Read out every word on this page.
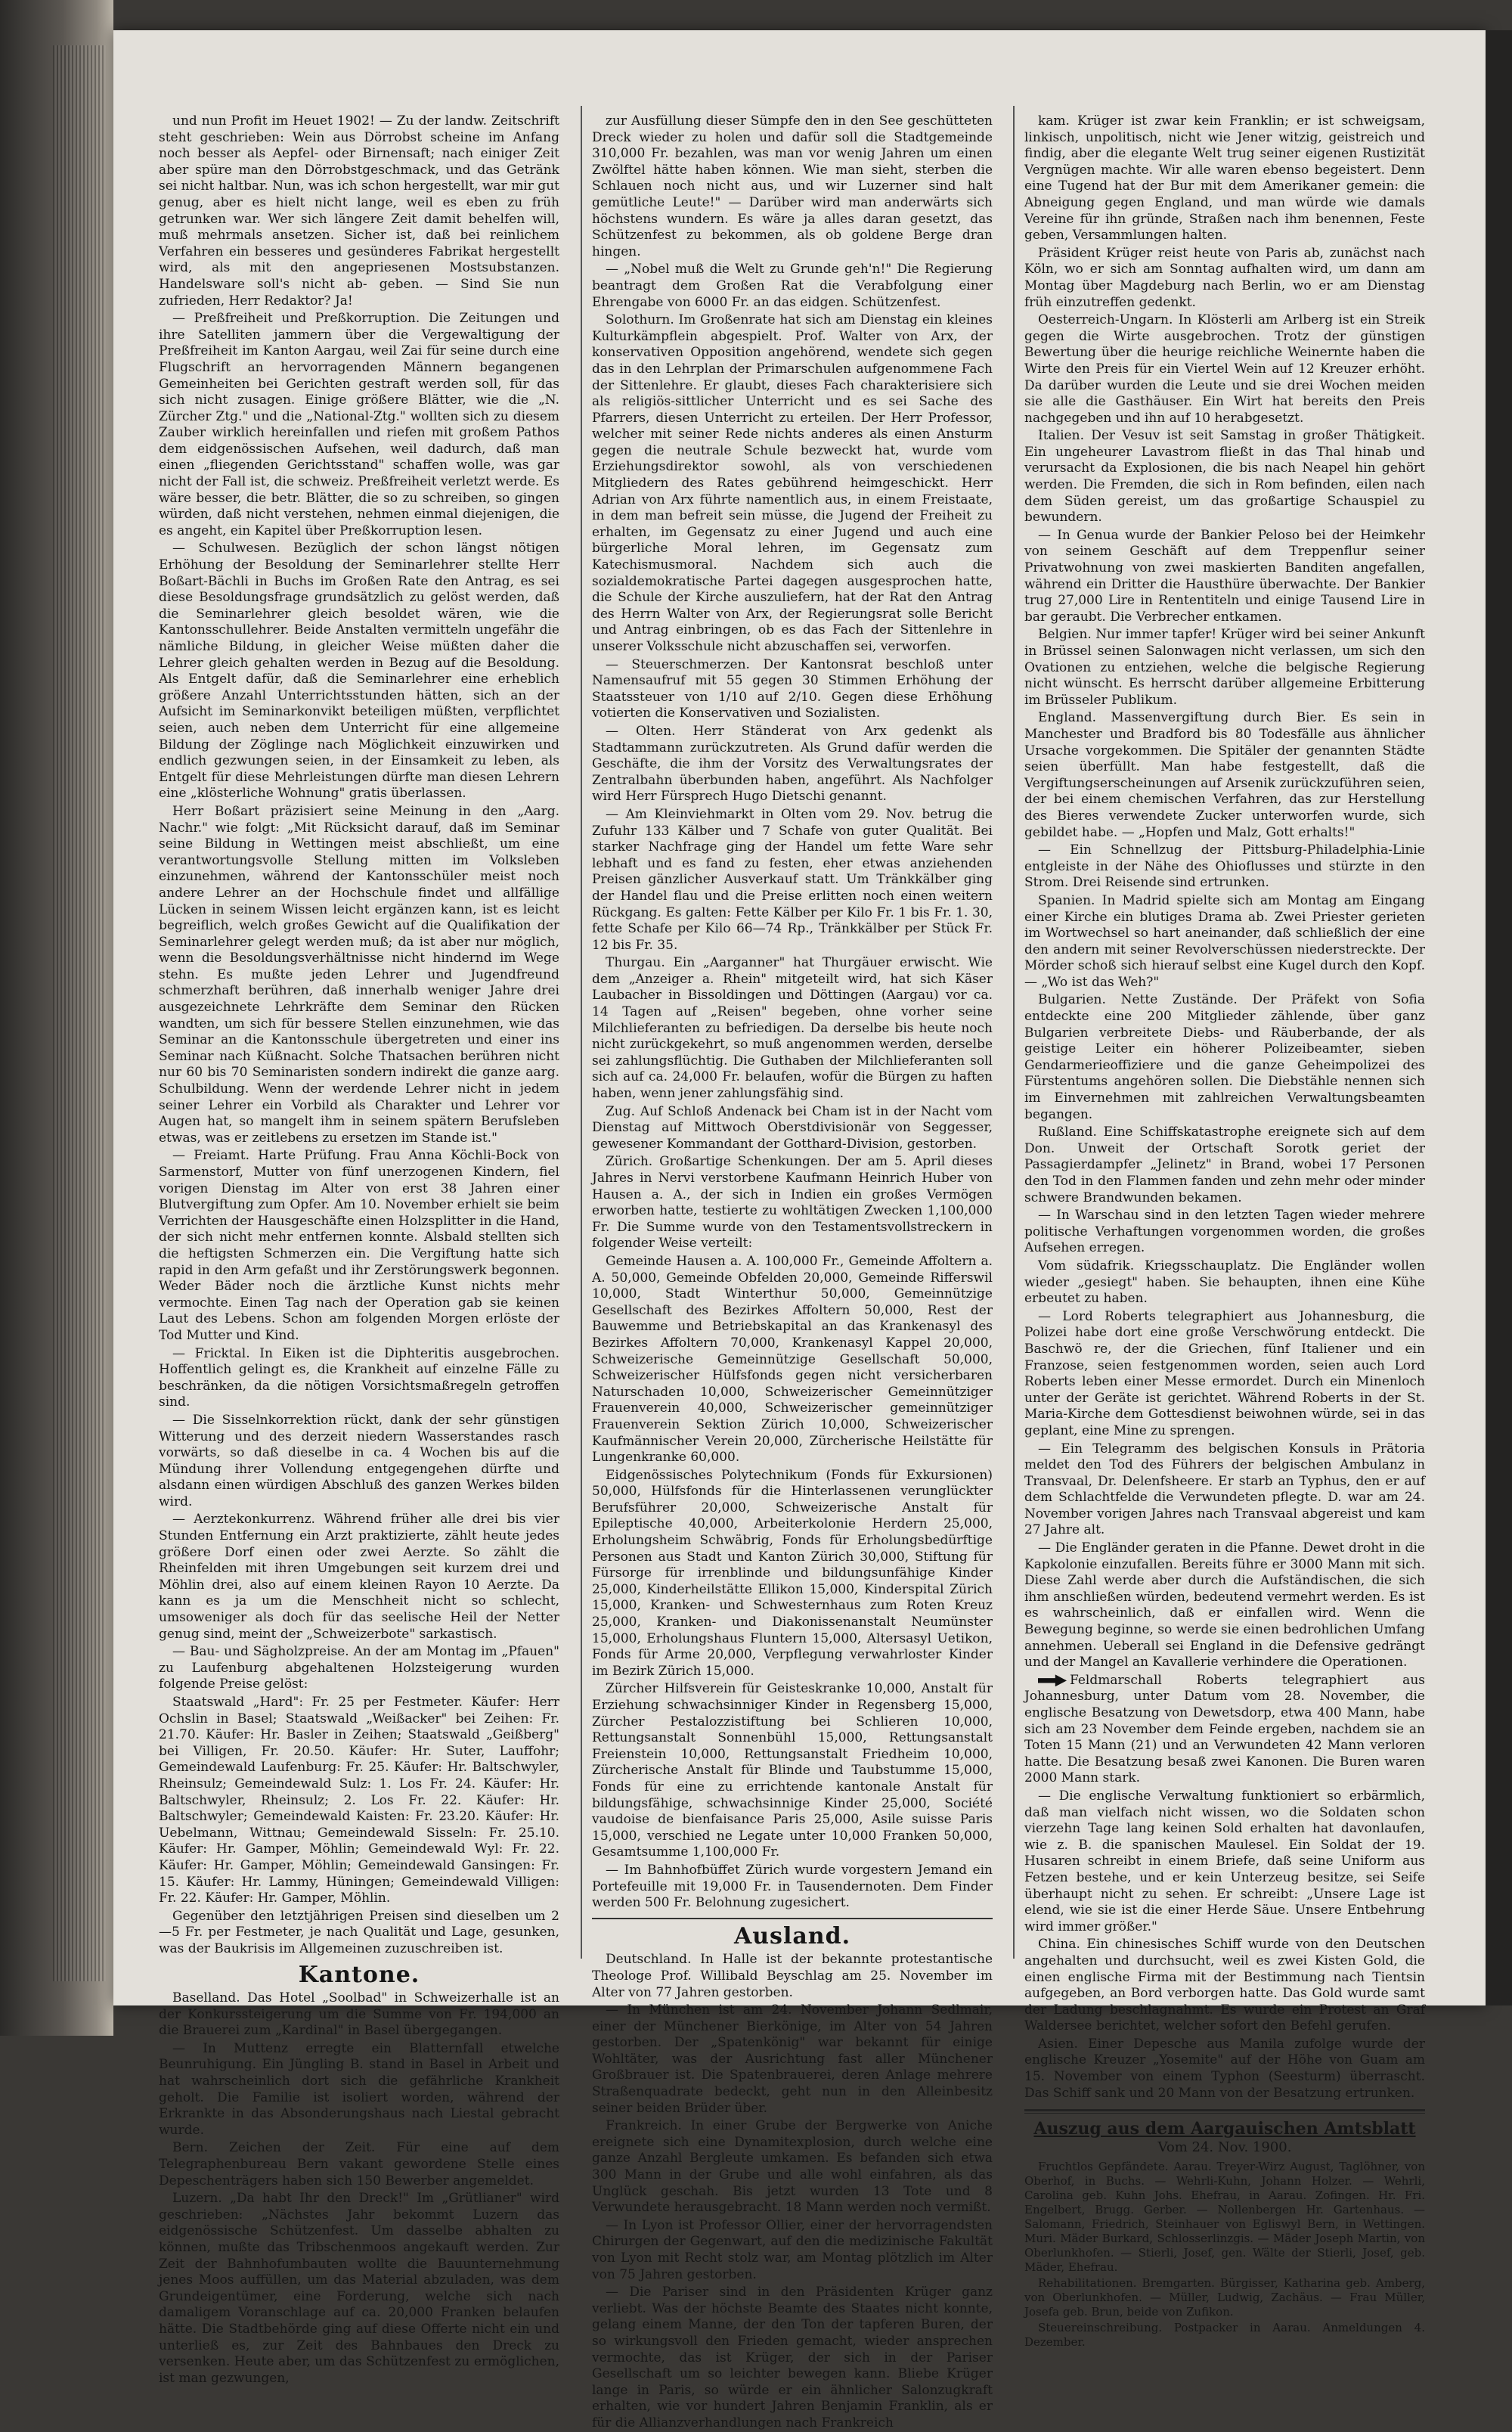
und nun Profit im Heuet 1902! — Zu der landw. Zeitschrift steht geschrieben: Wein aus Dörrobst scheine im Anfang noch besser als Aepfel- oder Birnensaft; nach einiger Zeit aber spüre man den Dörrobstgeschmack, und das Getränk sei nicht haltbar. Nun, was ich schon hergestellt, war mir gut genug, aber es hielt nicht lange, weil es eben zu früh getrunken war. Wer sich längere Zeit damit behelfen will, muß mehrmals ansetzen. Sicher ist, daß bei reinlichem Verfahren ein besseres und gesünderes Fabrikat hergestellt wird, als mit den angepriesenen Mostsubstanzen. Handelsware soll's nicht ab- geben. — Sind Sie nun zufrieden, Herr Redaktor? Ja!

— Preßfreiheit und Preßkorruption. Die Zeitungen und ihre Satelliten jammern über die Vergewaltigung der Preßfreiheit im Kanton Aargau, weil Zai für seine durch eine Flugschrift an hervorragenden Männern begangenen Gemeinheiten bei Gerichten gestraft werden soll, für das sich nicht zusagen. Einige größere Blätter, wie die „N. Zürcher Ztg." und die „National-Ztg." wollten sich zu diesem Zauber wirklich hereinfallen und riefen mit großem Pathos dem eidgenössischen Aufsehen, weil dadurch, daß man einen „fliegenden Gerichtsstand" schaffen wolle, was gar nicht der Fall ist, die schweiz. Preßfreiheit verletzt werde. Es wäre besser, die betr. Blätter, die so zu schreiben, so gingen würden, daß nicht verstehen, nehmen einmal diejenigen, die es angeht, ein Kapitel über Preßkorruption lesen.

— Schulwesen. Bezüglich der schon längst nötigen Erhöhung der Besoldung der Seminarlehrer stellte Herr Boßart-Bächli in Buchs im Großen Rate den Antrag, es sei diese Besoldungsfrage grundsätzlich zu gelöst werden, daß die Seminarlehrer gleich besoldet wären, wie die Kantonsschullehrer. Beide Anstalten vermitteln ungefähr die nämliche Bildung, in gleicher Weise müßten daher die Lehrer gleich gehalten werden in Bezug auf die Besoldung. Als Entgelt dafür, daß die Seminarlehrer eine erheblich größere Anzahl Unterrichtsstunden hätten, sich an der Aufsicht im Seminarkonvikt beteiligen müßten, verpflichtet seien, auch neben dem Unterricht für eine allgemeine Bildung der Zöglinge nach Möglichkeit einzuwirken und endlich gezwungen seien, in der Einsamkeit zu leben, als Entgelt für diese Mehrleistungen dürfte man diesen Lehrern eine „klösterliche Wohnung" gratis überlassen.

Herr Boßart präzisiert seine Meinung in den „Aarg. Nachr." wie folgt: „Mit Rücksicht darauf, daß im Seminar seine Bildung in Wettingen meist abschließt, um eine verantwortungsvolle Stellung mitten im Volksleben einzunehmen, während der Kantonsschüler meist noch andere Lehrer an der Hochschule findet und allfällige Lücken in seinem Wissen leicht ergänzen kann, ist es leicht begreiflich, welch großes Gewicht auf die Qualifikation der Seminarlehrer gelegt werden muß; da ist aber nur möglich, wenn die Besoldungsverhältnisse nicht hindernd im Wege stehn. Es mußte jeden Lehrer und Jugendfreund schmerzhaft berühren, daß innerhalb weniger Jahre drei ausgezeichnete Lehrkräfte dem Seminar den Rücken wandten, um sich für bessere Stellen einzunehmen, wie das Seminar an die Kantonsschule übergetreten und einer ins Seminar nach Küßnacht. Solche Thatsachen berühren nicht nur 60 bis 70 Seminaristen sondern indirekt die ganze aarg. Schulbildung. Wenn der werdende Lehrer nicht in jedem seiner Lehrer ein Vorbild als Charakter und Lehrer vor Augen hat, so mangelt ihm in seinem spätern Berufsleben etwas, was er zeitlebens zu ersetzen im Stande ist."

— Freiamt. Harte Prüfung. Frau Anna Köchli-Bock von Sarmenstorf, Mutter von fünf unerzogenen Kindern, fiel vorigen Dienstag im Alter von erst 38 Jahren einer Blutvergiftung zum Opfer. Am 10. November erhielt sie beim Verrichten der Hausgeschäfte einen Holzsplitter in die Hand, der sich nicht mehr entfernen konnte. Alsbald stellten sich die heftigsten Schmerzen ein. Die Vergiftung hatte sich rapid in den Arm gefaßt und ihr Zerstörungswerk begonnen. Weder Bäder noch die ärztliche Kunst nichts mehr vermochte. Einen Tag nach der Operation gab sie keinen Laut des Lebens. Schon am folgenden Morgen erlöste der Tod Mutter und Kind.

— Fricktal. In Eiken ist die Diphteritis ausgebrochen. Hoffentlich gelingt es, die Krankheit auf einzelne Fälle zu beschränken, da die nötigen Vorsichtsmaßregeln getroffen sind.

— Die Sisselnkorrektion rückt, dank der sehr günstigen Witterung und des derzeit niedern Wasserstandes rasch vorwärts, so daß dieselbe in ca. 4 Wochen bis auf die Mündung ihrer Vollendung entgegengehen dürfte und alsdann einen würdigen Abschluß des ganzen Werkes bilden wird.

— Aerztekonkurrenz. Während früher alle drei bis vier Stunden Entfernung ein Arzt praktizierte, zählt heute jedes größere Dorf einen oder zwei Aerzte. So zählt die Rheinfelden mit ihren Umgebungen seit kurzem drei und Möhlin drei, also auf einem kleinen Rayon 10 Aerzte. Da kann es ja um die Menschheit nicht so schlecht, umsoweniger als doch für das seelische Heil der Netter genug sind, meint der „Schweizerbote" sarkastisch.

— Bau- und Sägholzpreise. An der am Montag im „Pfauen" zu Laufenburg abgehaltenen Holzsteigerung wurden folgende Preise gelöst:

Staatswald „Hard": Fr. 25 per Festmeter. Käufer: Herr Ochslin in Basel; Staatswald „Weißacker" bei Zeihen: Fr. 21.70. Käufer: Hr. Basler in Zeihen; Staatswald „Geißberg" bei Villigen, Fr. 20.50. Käufer: Hr. Suter, Lauffohr; Gemeindewald Laufenburg: Fr. 25. Käufer: Hr. Baltschwyler, Rheinsulz; Gemeindewald Sulz: 1. Los Fr. 24. Käufer: Hr. Baltschwyler, Rheinsulz; 2. Los Fr. 22. Käufer: Hr. Baltschwyler; Gemeindewald Kaisten: Fr. 23.20. Käufer: Hr. Uebelmann, Wittnau; Gemeindewald Sisseln: Fr. 25.10. Käufer: Hr. Gamper, Möhlin; Gemeindewald Wyl: Fr. 22. Käufer: Hr. Gamper, Möhlin; Gemeindewald Gansingen: Fr. 15. Käufer: Hr. Lammy, Hüningen; Gemeindewald Villigen: Fr. 22. Käufer: Hr. Gamper, Möhlin.

Gegenüber den letztjährigen Preisen sind dieselben um 2—5 Fr. per Festmeter, je nach Qualität und Lage, gesunken, was der Baukrisis im Allgemeinen zuzuschreiben ist.

Kantone.

Baselland. Das Hotel „Soolbad" in Schweizerhalle ist an der Konkurssteigerung um die Summe von Fr. 194,000 an die Brauerei zum „Kardinal" in Basel übergegangen.

— In Muttenz erregte ein Blatternfall etwelche Beunruhigung. Ein Jüngling B. stand in Basel in Arbeit und hat wahrscheinlich dort sich die gefährliche Krankheit geholt. Die Familie ist isoliert worden, während der Erkrankte in das Absonderungshaus nach Liestal gebracht wurde.

Bern. Zeichen der Zeit. Für eine auf dem Telegraphenbureau Bern vakant gewordene Stelle eines Depeschenträgers haben sich 150 Bewerber angemeldet.

Luzern. „Da habt Ihr den Dreck!" Im „Grütlianer" wird geschrieben: „Nächstes Jahr bekommt Luzern das eidgenössische Schützenfest. Um dasselbe abhalten zu können, mußte das Tribschenmoos angekauft werden. Zur Zeit der Bahnhofumbauten wollte die Bauunternehmung jenes Moos auffüllen, um das Material abzuladen, was dem Grundeigentümer, eine Forderung, welche sich nach damaligem Voranschlage auf ca. 20,000 Franken belaufen hätte. Die Stadtbehörde ging auf diese Offerte nicht ein und unterließ es, zur Zeit des Bahnbaues den Dreck zu versenken. Heute aber, um das Schützenfest zu ermöglichen, ist man gezwungen,

zur Ausfüllung dieser Sümpfe den in den See geschütteten Dreck wieder zu holen und dafür soll die Stadtgemeinde 310,000 Fr. bezahlen, was man vor wenig Jahren um einen Zwölftel hätte haben können. Wie man sieht, sterben die Schlauen noch nicht aus, und wir Luzerner sind halt gemütliche Leute!" — Darüber wird man anderwärts sich höchstens wundern. Es wäre ja alles daran gesetzt, das Schützenfest zu bekommen, als ob goldene Berge dran hingen.

— „Nobel muß die Welt zu Grunde geh'n!" Die Regierung beantragt dem Großen Rat die Verabfolgung einer Ehrengabe von 6000 Fr. an das eidgen. Schützenfest.

Solothurn. Im Großenrate hat sich am Dienstag ein kleines Kulturkämpflein abgespielt. Prof. Walter von Arx, der konservativen Opposition angehörend, wendete sich gegen das in den Lehrplan der Primarschulen aufgenommene Fach der Sittenlehre. Er glaubt, dieses Fach charakterisiere sich als religiös-sittlicher Unterricht und es sei Sache des Pfarrers, diesen Unterricht zu erteilen. Der Herr Professor, welcher mit seiner Rede nichts anderes als einen Ansturm gegen die neutrale Schule bezweckt hat, wurde vom Erziehungsdirektor sowohl, als von verschiedenen Mitgliedern des Rates gebührend heimgeschickt. Herr Adrian von Arx führte namentlich aus, in einem Freistaate, in dem man befreit sein müsse, die Jugend der Freiheit zu erhalten, im Gegensatz zu einer Jugend und auch eine bürgerliche Moral lehren, im Gegensatz zum Katechismusmoral. Nachdem sich auch die sozialdemokratische Partei dagegen ausgesprochen hatte, die Schule der Kirche auszuliefern, hat der Rat den Antrag des Herrn Walter von Arx, der Regierungsrat solle Bericht und Antrag einbringen, ob es das Fach der Sittenlehre in unserer Volksschule nicht abzuschaffen sei, verworfen.

— Steuerschmerzen. Der Kantonsrat beschloß unter Namensaufruf mit 55 gegen 30 Stimmen Erhöhung der Staatssteuer von 1/10 auf 2/10. Gegen diese Erhöhung votierten die Konservativen und Sozialisten.

— Olten. Herr Ständerat von Arx gedenkt als Stadtammann zurückzutreten. Als Grund dafür werden die Geschäfte, die ihm der Vorsitz des Verwaltungsrates der Zentralbahn überbunden haben, angeführt. Als Nachfolger wird Herr Fürsprech Hugo Dietschi genannt.

— Am Kleinviehmarkt in Olten vom 29. Nov. betrug die Zufuhr 133 Kälber und 7 Schafe von guter Qualität. Bei starker Nachfrage ging der Handel um fette Ware sehr lebhaft und es fand zu festen, eher etwas anziehenden Preisen gänzlicher Ausverkauf statt. Um Tränkkälber ging der Handel flau und die Preise erlitten noch einen weitern Rückgang. Es galten: Fette Kälber per Kilo Fr. 1 bis Fr. 1. 30, fette Schafe per Kilo 66—74 Rp., Tränkkälber per Stück Fr. 12 bis Fr. 35.

Thurgau. Ein „Aarganner" hat Thurgäuer erwischt. Wie dem „Anzeiger a. Rhein" mitgeteilt wird, hat sich Käser Laubacher in Bissoldingen und Döttingen (Aargau) vor ca. 14 Tagen auf „Reisen" begeben, ohne vorher seine Milchlieferanten zu befriedigen. Da derselbe bis heute noch nicht zurückgekehrt, so muß angenommen werden, derselbe sei zahlungsflüchtig. Die Guthaben der Milchlieferanten soll sich auf ca. 24,000 Fr. belaufen, wofür die Bürgen zu haften haben, wenn jener zahlungsfähig sind.

Zug. Auf Schloß Andenack bei Cham ist in der Nacht vom Dienstag auf Mittwoch Oberstdivisionär von Seggesser, gewesener Kommandant der Gotthard-Division, gestorben.

Zürich. Großartige Schenkungen. Der am 5. April dieses Jahres in Nervi verstorbene Kaufmann Heinrich Huber von Hausen a. A., der sich in Indien ein großes Vermögen erworben hatte, testierte zu wohltätigen Zwecken 1,100,000 Fr. Die Summe wurde von den Testamentsvollstreckern in folgender Weise verteilt:

Gemeinde Hausen a. A. 100,000 Fr., Gemeinde Affoltern a. A. 50,000, Gemeinde Obfelden 20,000, Gemeinde Rifferswil 10,000, Stadt Winterthur 50,000, Gemeinnützige Gesellschaft des Bezirkes Affoltern 50,000, Rest der Bauwemme und Betriebskapital an das Krankenasyl des Bezirkes Affoltern 70,000, Krankenasyl Kappel 20,000, Schweizerische Gemeinnützige Gesellschaft 50,000, Schweizerischer Hülfsfonds gegen nicht versicherbaren Naturschaden 10,000, Schweizerischer Gemeinnütziger Frauenverein 40,000, Schweizerischer gemeinnütziger Frauenverein Sektion Zürich 10,000, Schweizerischer Kaufmännischer Verein 20,000, Zürcherische Heilstätte für Lungenkranke 60,000.

Eidgenössisches Polytechnikum (Fonds für Exkursionen) 50,000, Hülfsfonds für die Hinterlassenen verunglückter Berufsführer 20,000, Schweizerische Anstalt für Epileptische 40,000, Arbeiterkolonie Herdern 25,000, Erholungsheim Schwäbrig, Fonds für Erholungsbedürftige Personen aus Stadt und Kanton Zürich 30,000, Stiftung für Fürsorge für irrenblinde und bildungsunfähige Kinder 25,000, Kinderheilstätte Ellikon 15,000, Kinderspital Zürich 15,000, Kranken- und Schwesternhaus zum Roten Kreuz 25,000, Kranken- und Diakonissenanstalt Neumünster 15,000, Erholungshaus Fluntern 15,000, Altersasyl Uetikon, Fonds für Arme 20,000, Verpflegung verwahrloster Kinder im Bezirk Zürich 15,000.

Zürcher Hilfsverein für Geisteskranke 10,000, Anstalt für Erziehung schwachsinniger Kinder in Regensberg 15,000, Zürcher Pestalozzistiftung bei Schlieren 10,000, Rettungsanstalt Sonnenbühl 15,000, Rettungsanstalt Freienstein 10,000, Rettungsanstalt Friedheim 10,000, Zürcherische Anstalt für Blinde und Taubstumme 15,000, Fonds für eine zu errichtende kantonale Anstalt für bildungsfähige, schwachsinnige Kinder 25,000, Société vaudoise de bienfaisance Paris 25,000, Asile suisse Paris 15,000, verschied ne Legate unter 10,000 Franken 50,000, Gesamtsumme 1,100,000 Fr.

— Im Bahnhofbüffet Zürich wurde vorgestern Jemand ein Portefeuille mit 19,000 Fr. in Tausendernoten. Dem Finder werden 500 Fr. Belohnung zugesichert.

Ausland.

Deutschland. In Halle ist der bekannte protestantische Theologe Prof. Willibald Beyschlag am 25. November im Alter von 77 Jahren gestorben.

— In München ist am 24. November Johann Sedlmair, einer der Münchener Bierkönige, im Alter von 54 Jahren gestorben. Der „Spatenkönig" war bekannt für einige Wohltäter, was der Ausrichtung fast aller Münchener Großbrauer ist. Die Spatenbrauerei, deren Anlage mehrere Straßenquadrate bedeckt, geht nun in den Alleinbesitz seiner beiden Brüder über.

Frankreich. In einer Grube der Bergwerke von Aniche ereignete sich eine Dynamitexplosion, durch welche eine ganze Anzahl Bergleute umkamen. Es befanden sich etwa 300 Mann in der Grube und alle wohl einfahren, als das Unglück geschah. Bis jetzt wurden 13 Tote und 8 Verwundete herausgebracht. 18 Mann werden noch vermißt.

— In Lyon ist Professor Ollier, einer der hervorragendsten Chirurgen der Gegenwart, auf den die medizinische Fakultät von Lyon mit Recht stolz war, am Montag plötzlich im Alter von 75 Jahren gestorben.

— Die Pariser sind in den Präsidenten Krüger ganz verliebt. Was der höchste Beamte des Staates nicht konnte, gelang einem Manne, der den Ton der tapferen Buren, der so wirkungsvoll den Frieden gemacht, wieder ansprechen vermochte, das ist Krüger, der sich in der Pariser Gesellschaft um so leichter bewegen kann. Bliebe Krüger lange in Paris, so würde er ein ähnlicher Salonzugkraft erhalten, wie vor hundert Jahren Benjamin Franklin, als er für die Allianzverhandlungen nach Frankreich

kam. Krüger ist zwar kein Franklin; er ist schweigsam, linkisch, unpolitisch, nicht wie Jener witzig, geistreich und findig, aber die elegante Welt trug seiner eigenen Rustizität Vergnügen machte. Wir alle waren ebenso begeistert. Denn eine Tugend hat der Bur mit dem Amerikaner gemein: die Abneigung gegen England, und man würde wie damals Vereine für ihn gründe, Straßen nach ihm benennen, Feste geben, Versammlungen halten.

Präsident Krüger reist heute von Paris ab, zunächst nach Köln, wo er sich am Sonntag aufhalten wird, um dann am Montag über Magdeburg nach Berlin, wo er am Dienstag früh einzutreffen gedenkt.

Oesterreich-Ungarn. In Klösterli am Arlberg ist ein Streik gegen die Wirte ausgebrochen. Trotz der günstigen Bewertung über die heurige reichliche Weinernte haben die Wirte den Preis für ein Viertel Wein auf 12 Kreuzer erhöht. Da darüber wurden die Leute und sie drei Wochen meiden sie alle die Gasthäuser. Ein Wirt hat bereits den Preis nachgegeben und ihn auf 10 herabgesetzt.

Italien. Der Vesuv ist seit Samstag in großer Thätigkeit. Ein ungeheurer Lavastrom fließt in das Thal hinab und verursacht da Explosionen, die bis nach Neapel hin gehört werden. Die Fremden, die sich in Rom befinden, eilen nach dem Süden gereist, um das großartige Schauspiel zu bewundern.

— In Genua wurde der Bankier Peloso bei der Heimkehr von seinem Geschäft auf dem Treppenflur seiner Privatwohnung von zwei maskierten Banditen angefallen, während ein Dritter die Hausthüre überwachte. Der Bankier trug 27,000 Lire in Rententiteln und einige Tausend Lire in bar geraubt. Die Verbrecher entkamen.

Belgien. Nur immer tapfer! Krüger wird bei seiner Ankunft in Brüssel seinen Salonwagen nicht verlassen, um sich den Ovationen zu entziehen, welche die belgische Regierung nicht wünscht. Es herrscht darüber allgemeine Erbitterung im Brüsseler Publikum.

England. Massenvergiftung durch Bier. Es sein in Manchester und Bradford bis 80 Todesfälle aus ähnlicher Ursache vorgekommen. Die Spitäler der genannten Städte seien überfüllt. Man habe festgestellt, daß die Vergiftungserscheinungen auf Arsenik zurückzuführen seien, der bei einem chemischen Verfahren, das zur Herstellung des Bieres verwendete Zucker unterworfen wurde, sich gebildet habe. — „Hopfen und Malz, Gott erhalts!"

— Ein Schnellzug der Pittsburg-Philadelphia-Linie entgleiste in der Nähe des Ohioflusses und stürzte in den Strom. Drei Reisende sind ertrunken.

Spanien. In Madrid spielte sich am Montag am Eingang einer Kirche ein blutiges Drama ab. Zwei Priester gerieten im Wortwechsel so hart aneinander, daß schließlich der eine den andern mit seiner Revolverschüssen niederstreckte. Der Mörder schoß sich hierauf selbst eine Kugel durch den Kopf. — „Wo ist das Weh?"

Bulgarien. Nette Zustände. Der Präfekt von Sofia entdeckte eine 200 Mitglieder zählende, über ganz Bulgarien verbreitete Diebs- und Räuberbande, der als geistige Leiter ein höherer Polizeibeamter, sieben Gendarmerieoffiziere und die ganze Geheimpolizei des Fürstentums angehören sollen. Die Diebstähle nennen sich im Einvernehmen mit zahlreichen Verwaltungsbeamten begangen.

Rußland. Eine Schiffskatastrophe ereignete sich auf dem Don. Unweit der Ortschaft Sorotk geriet der Passagierdampfer „Jelinetz" in Brand, wobei 17 Personen den Tod in den Flammen fanden und zehn mehr oder minder schwere Brandwunden bekamen.

— In Warschau sind in den letzten Tagen wieder mehrere politische Verhaftungen vorgenommen worden, die großes Aufsehen erregen.

Vom südafrik. Kriegsschauplatz. Die Engländer wollen wieder „gesiegt" haben. Sie behaupten, ihnen eine Kühe erbeutet zu haben.

— Lord Roberts telegraphiert aus Johannesburg, die Polizei habe dort eine große Verschwörung entdeckt. Die Baschwö re, der die Griechen, fünf Italiener und ein Franzose, seien festgenommen worden, seien auch Lord Roberts leben einer Messe ermordet. Durch ein Minenloch unter der Geräte ist gerichtet. Während Roberts in der St. Maria-Kirche dem Gottesdienst beiwohnen würde, sei in das geplant, eine Mine zu sprengen.

— Ein Telegramm des belgischen Konsuls in Prätoria meldet den Tod des Führers der belgischen Ambulanz in Transvaal, Dr. Delenfsheere. Er starb an Typhus, den er auf dem Schlachtfelde die Verwundeten pflegte. D. war am 24. November vorigen Jahres nach Transvaal abgereist und kam 27 Jahre alt.

— Die Engländer geraten in die Pfanne. Dewet droht in die Kapkolonie einzufallen. Bereits führe er 3000 Mann mit sich. Diese Zahl werde aber durch die Aufständischen, die sich ihm anschließen würden, bedeutend vermehrt werden. Es ist es wahrscheinlich, daß er einfallen wird. Wenn die Bewegung beginne, so werde sie einen bedrohlichen Umfang annehmen. Ueberall sei England in die Defensive gedrängt und der Mangel an Kavallerie verhindere die Operationen.

Feldmarschall Roberts telegraphiert aus Johannesburg, unter Datum vom 28. November, die englische Besatzung von Dewetsdorp, etwa 400 Mann, habe sich am 23 November dem Feinde ergeben, nachdem sie an Toten 15 Mann (21) und an Verwundeten 42 Mann verloren hatte. Die Besatzung besaß zwei Kanonen. Die Buren waren 2000 Mann stark.

— Die englische Verwaltung funktioniert so erbärmlich, daß man vielfach nicht wissen, wo die Soldaten schon vierzehn Tage lang keinen Sold erhalten hat davonlaufen, wie z. B. die spanischen Maulesel. Ein Soldat der 19. Husaren schreibt in einem Briefe, daß seine Uniform aus Fetzen bestehe, und er kein Unterzeug besitze, sei Seife überhaupt nicht zu sehen. Er schreibt: „Unsere Lage ist elend, wie sie ist die einer Herde Säue. Unsere Entbehrung wird immer größer."

China. Ein chinesisches Schiff wurde von den Deutschen angehalten und durchsucht, weil es zwei Kisten Gold, die einen englische Firma mit der Bestimmung nach Tientsin aufgegeben, an Bord verborgen hatte. Das Gold wurde samt der Ladung beschlagnahmt. Es wurde ein Protest an Graf Waldersee berichtet, welcher sofort den Befehl gerufen.

Asien. Einer Depesche aus Manila zufolge wurde der englische Kreuzer „Yosemite" auf der Höhe von Guam am 15. November von einem Typhon (Seesturm) überrascht. Das Schiff sank und 20 Mann von der Besatzung ertrunken.

Auszug aus dem Aargauischen Amtsblatt
Vom 24. Nov. 1900.

Fruchtlos Gepfändete. Aarau. Treyer-Wirz August, Taglöhner, von Oberhof, in Buchs. — Wehrli-Kuhn, Johann Holzer. — Wehrli, Carolina geb. Kuhn Johs. Ehefrau, in Aarau. Zofingen. Hr. Fri. Engelbert, Brugg. Gerber. — Nollenbergen Hr. Gartenhaus. — Salomann, Friedrich, Steinhauer von Egliswyl Bern, in Wettingen. Muri. Mäder Burkard, Schlosserlinzgis. — Mäder Joseph Martin, von Oberlunkhofen. — Stierli, Josef, gen. Wälte der Stierli, Josef, geb. Mäder, Ehefrau.

Rehabilitationen. Bremgarten. Bürgisser, Katharina geb. Amberg, von Oberlunkhofen. — Müller, Ludwig, Zachäus. — Frau Müller, Josefa geb. Brun, beide von Zufikon.

Steuereinschreibung. Postpacker in Aarau. Anmeldungen 4. Dezember.
